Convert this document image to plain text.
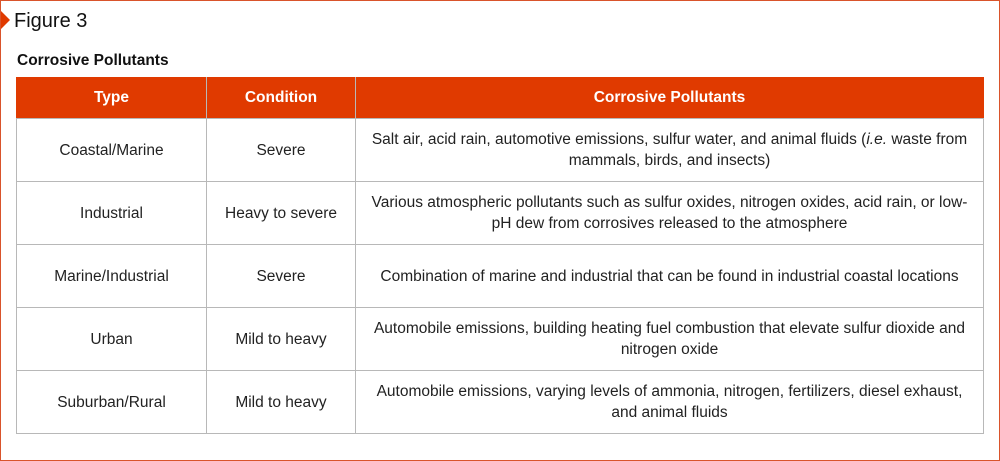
Figure 3
Corrosive Pollutants
Type	Condition	Corrosive Pollutants
Coastal/Marine	Severe	Salt air, acid rain, automotive emissions, sulfur water, and animal fluids (i.e. waste from mammals, birds, and insects)
Industrial	Heavy to severe	Various atmospheric pollutants such as sulfur oxides, nitrogen oxides, acid rain, or low-pH dew from corrosives released to the atmosphere
Marine/Industrial	Severe	Combination of marine and industrial that can be found in industrial coastal locations
Urban	Mild to heavy	Automobile emissions, building heating fuel combustion that elevate sulfur dioxide and nitrogen oxide
Suburban/Rural	Mild to heavy	Automobile emissions, varying levels of ammonia, nitrogen, fertilizers, diesel exhaust, and animal fluids
